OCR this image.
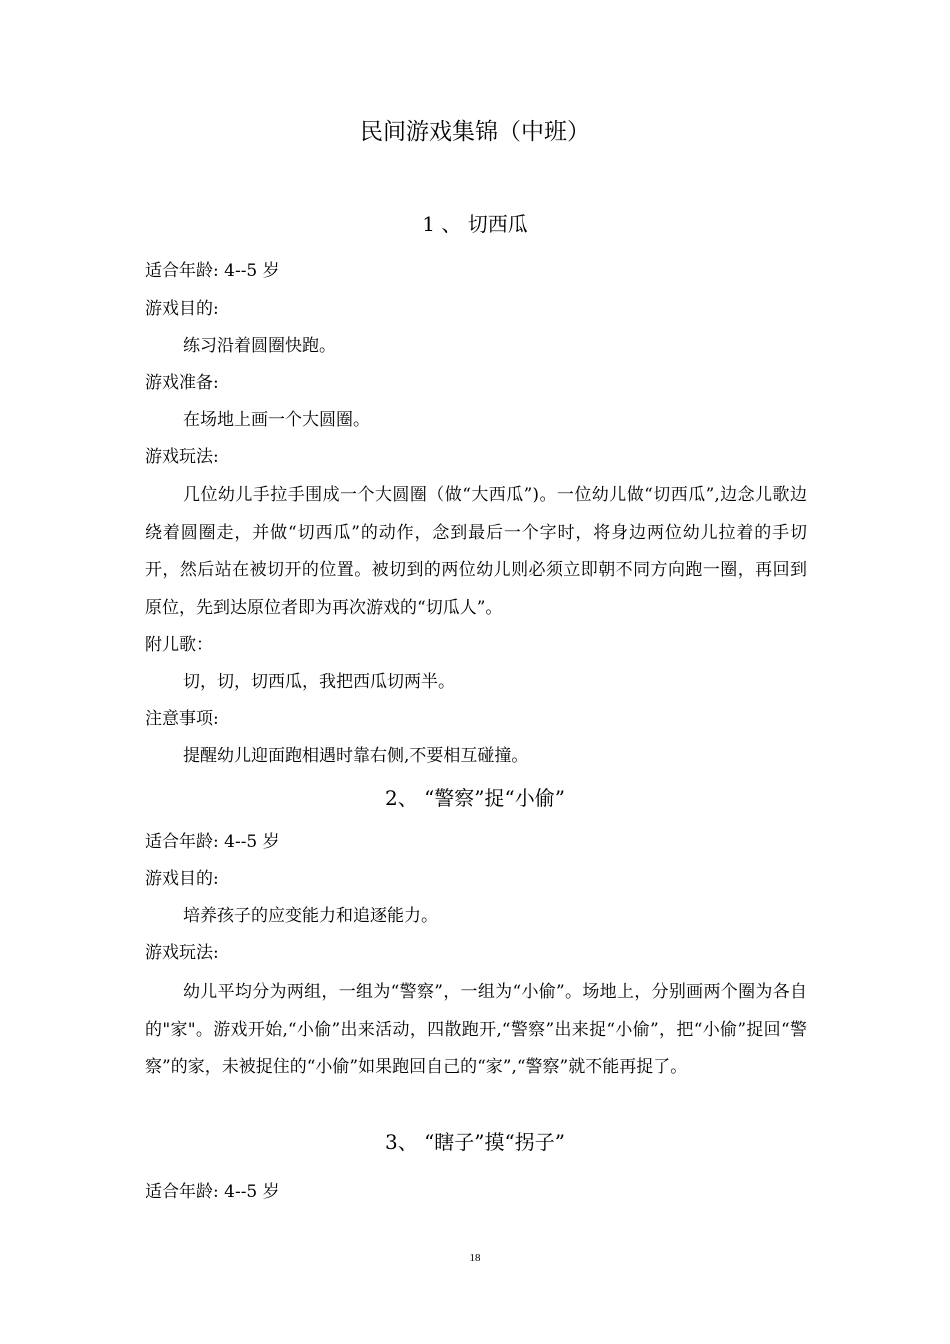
民间游戏集锦（中班）
1 、 切西瓜
适合年龄: 4--5 岁
游戏目的:
练习沿着圆圈快跑。
游戏准备:
在场地上画一个大圆圈。
游戏玩法:

几位幼儿手拉手围成一个大圆圈（做“大西瓜”)。一位幼儿做“切西瓜”,边念儿歌边绕着圆圈走，并做“切西瓜”的动作，念到最后一个字时，将身边两位幼儿拉着的手切开，然后站在被切开的位置。被切到的两位幼儿则必须立即朝不同方向跑一圈，再回到原位，先到达原位者即为再次游戏的“切瓜人”。

附儿歌：
切，切，切西瓜，我把西瓜切两半。
注意事项:
提醒幼儿迎面跑相遇时靠右侧,不要相互碰撞。
2、 “警察”捉“小偷”
适合年龄: 4--5 岁
游戏目的:
培养孩子的应变能力和追逐能力。
游戏玩法:

幼儿平均分为两组，一组为“警察”，一组为“小偷”。场地上，分别画两个圈为各自的"家"。游戏开始,“小偷”出来活动，四散跑开,“警察”出来捉“小偷”，把“小偷”捉回“警察”的家，未被捉住的“小偷”如果跑回自己的“家”,“警察”就不能再捉了。

3、 “瞎子”摸“拐子”
适合年龄: 4--5 岁
18
